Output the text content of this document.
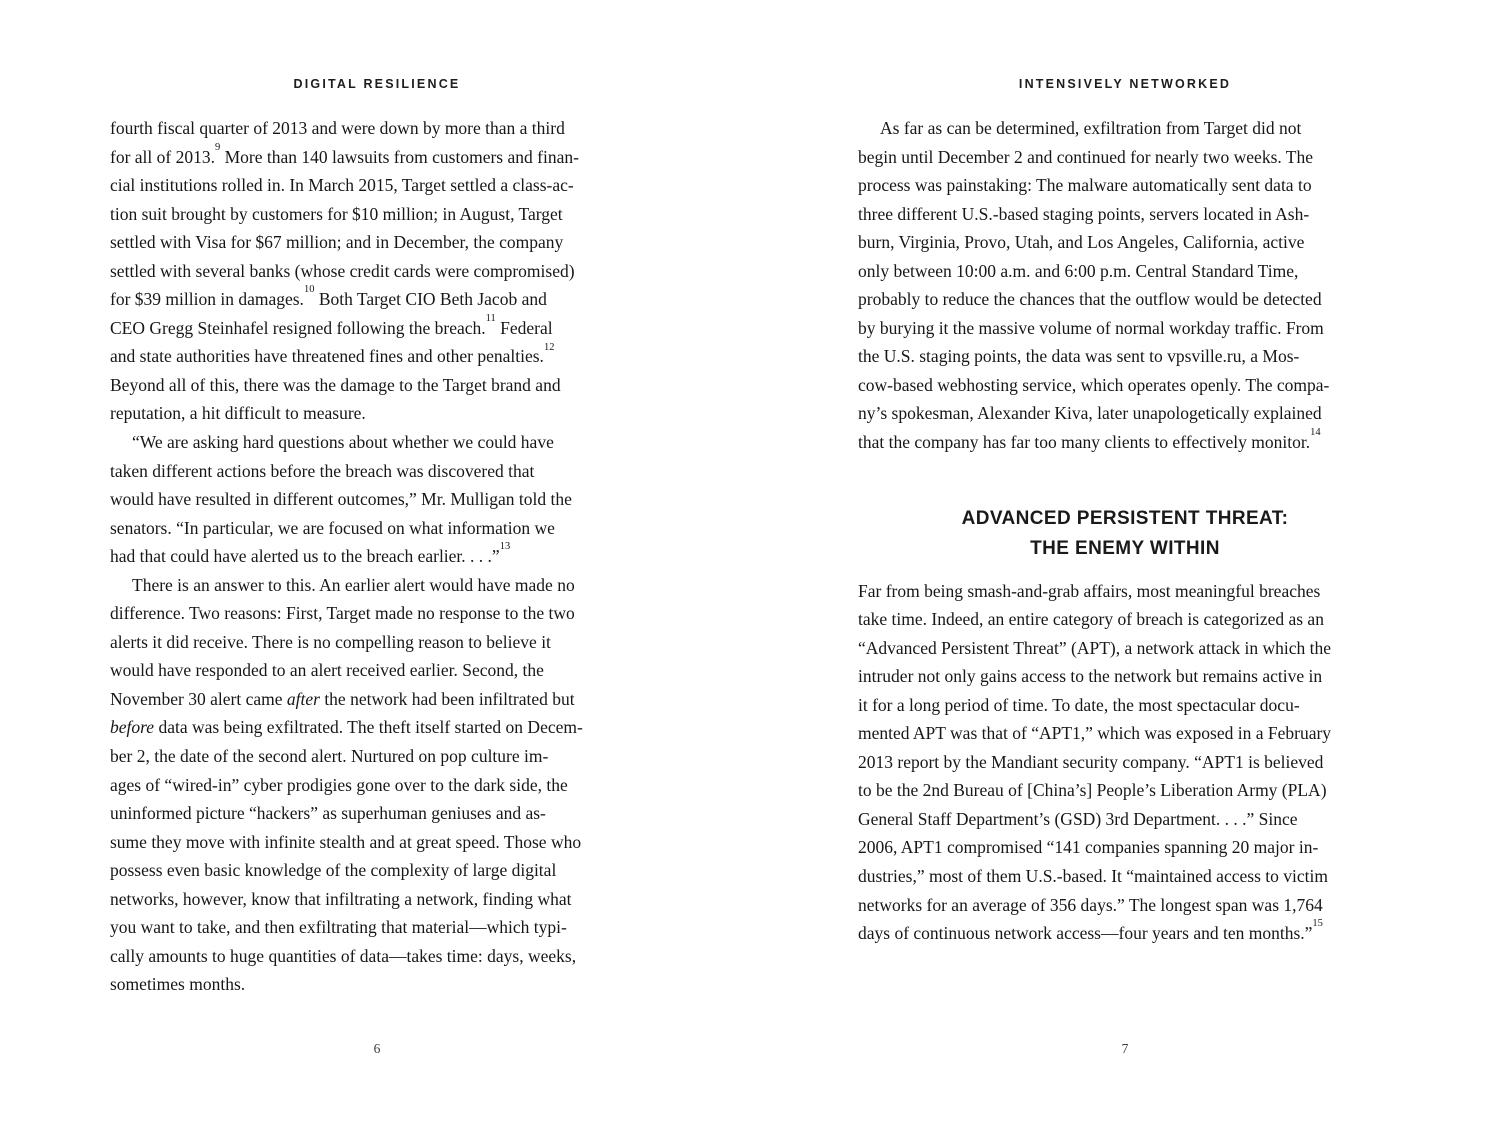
DIGITAL RESILIENCE
fourth fiscal quarter of 2013 and were down by more than a third
for all of 2013.$^9$ More than 140 lawsuits from customers and finan-
cial institutions rolled in. In March 2015, Target settled a class-ac-
tion suit brought by customers for $10 million; in August, Target
settled with Visa for $67 million; and in December, the company
settled with several banks (whose credit cards were compromised)
for $39 million in damages.$^{10}$ Both Target CIO Beth Jacob and
CEO Gregg Steinhafel resigned following the breach.$^{11}$ Federal
and state authorities have threatened fines and other penalties.$^{12}$
Beyond all of this, there was the damage to the Target brand and
reputation, a hit difficult to measure.
“We are asking hard questions about whether we could have
taken different actions before the breach was discovered that
would have resulted in different outcomes,” Mr. Mulligan told the
senators. “In particular, we are focused on what information we
had that could have alerted us to the breach earlier. . . .”$^{13}$
There is an answer to this. An earlier alert would have made no
difference. Two reasons: First, Target made no response to the two
alerts it did receive. There is no compelling reason to believe it
would have responded to an alert received earlier. Second, the
November 30 alert came after the network had been infiltrated but
before data was being exfiltrated. The theft itself started on Decem-
ber 2, the date of the second alert. Nurtured on pop culture im-
ages of “wired-in” cyber prodigies gone over to the dark side, the
uninformed picture “hackers” as superhuman geniuses and as-
sume they move with infinite stealth and at great speed. Those who
possess even basic knowledge of the complexity of large digital
networks, however, know that infiltrating a network, finding what
you want to take, and then exfiltrating that material—which typi-
cally amounts to huge quantities of data—takes time: days, weeks,
sometimes months.
6
INTENSIVELY NETWORKED
As far as can be determined, exfiltration from Target did not
begin until December 2 and continued for nearly two weeks. The
process was painstaking: The malware automatically sent data to
three different U.S.-based staging points, servers located in Ash-
burn, Virginia, Provo, Utah, and Los Angeles, California, active
only between 10:00 a.m. and 6:00 p.m. Central Standard Time,
probably to reduce the chances that the outflow would be detected
by burying it the massive volume of normal workday traffic. From
the U.S. staging points, the data was sent to vpsville.ru, a Mos-
cow-based webhosting service, which operates openly. The compa-
ny’s spokesman, Alexander Kiva, later unapologetically explained
that the company has far too many clients to effectively monitor.$^{14}$
ADVANCED PERSISTENT THREAT:
THE ENEMY WITHIN
Far from being smash-and-grab affairs, most meaningful breaches
take time. Indeed, an entire category of breach is categorized as an
“Advanced Persistent Threat” (APT), a network attack in which the
intruder not only gains access to the network but remains active in
it for a long period of time. To date, the most spectacular docu-
mented APT was that of “APT1,” which was exposed in a February
2013 report by the Mandiant security company. “APT1 is believed
to be the 2nd Bureau of [China’s] People’s Liberation Army (PLA)
General Staff Department’s (GSD) 3rd Department. . . .” Since
2006, APT1 compromised “141 companies spanning 20 major in-
dustries,” most of them U.S.-based. It “maintained access to victim
networks for an average of 356 days.” The longest span was 1,764
days of continuous network access—four years and ten months.”$^{15}$
7
